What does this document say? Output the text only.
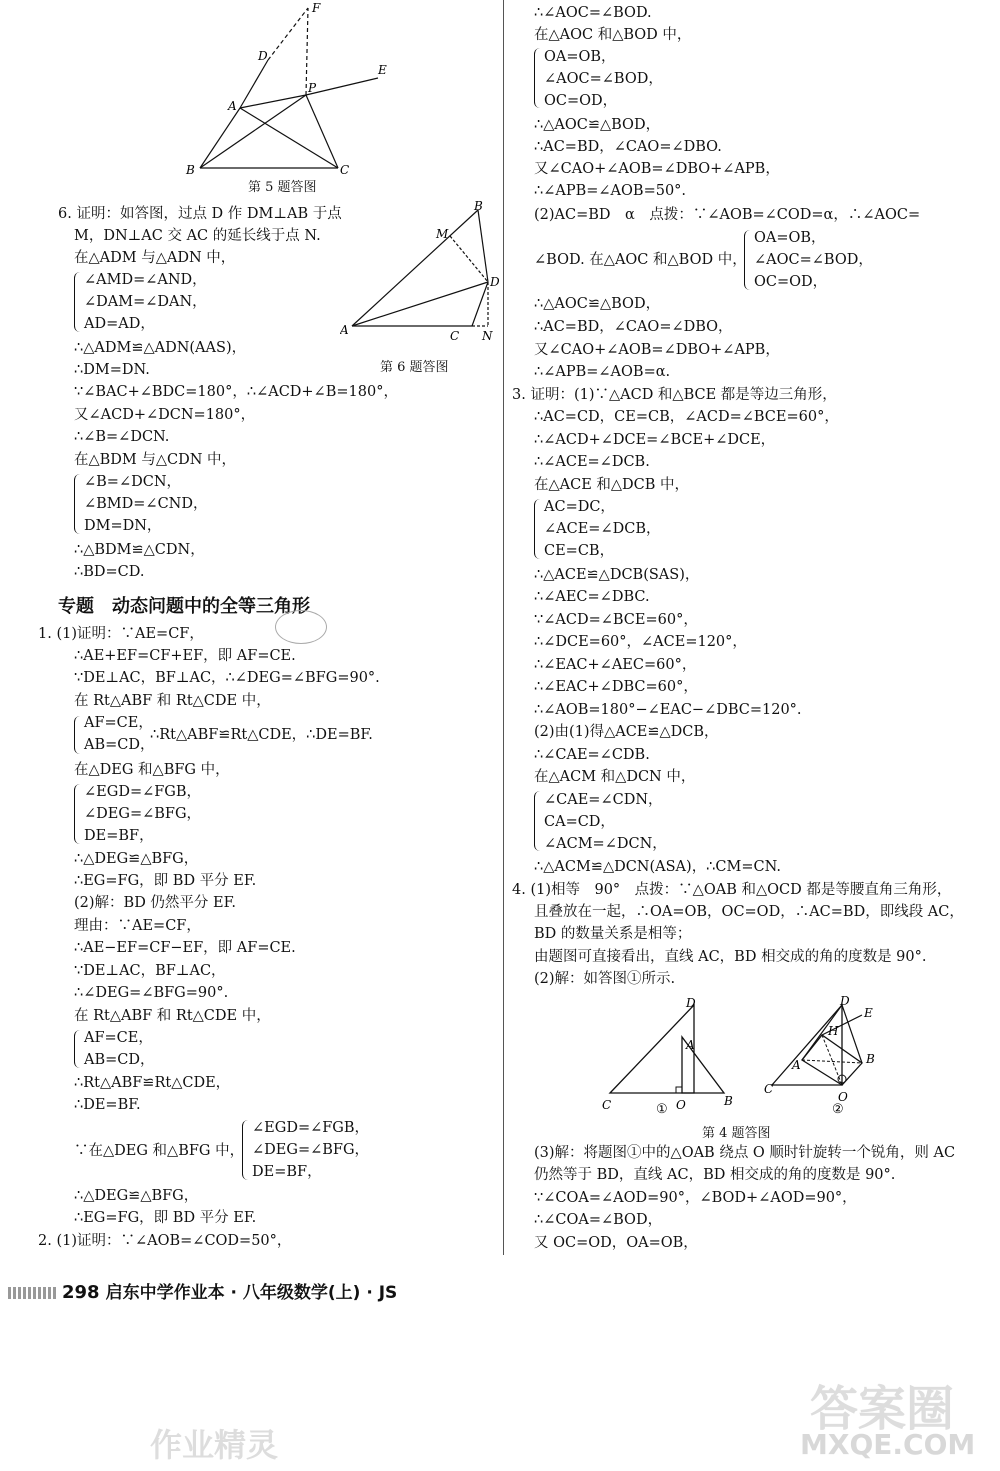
F
D
E
A
P
B	C
第 5 题答图
6. 证明：如答图，过点 D 作 DM⊥AB 于点
M，DN⊥AC 交 AC 的延长线于点 N.
在△ADM 与△ADN 中，
∠AMD=∠AND，
∠DAM=∠DAN，
AD=AD，
∴△ADM≌△ADN(AAS)，
∴DM=DN.
∵∠BAC+∠BDC=180°，∴∠ACD+∠B=180°，
又∠ACD+∠DCN=180°，
∴∠B=∠DCN.
在△BDM 与△CDN 中，
∠B=∠DCN，
∠BMD=∠CND，
DM=DN，
∴△BDM≌△CDN，
∴BD=CD.
B
M
D
A	C N
第 6 题答图
专题　动态问题中的全等三角形
1. (1)证明：∵AE=CF，
∴AE+EF=CF+EF，即 AF=CE.
∵DE⊥AC，BF⊥AC，∴∠DEG=∠BFG=90°.
在 Rt△ABF 和 Rt△CDE 中，
AF=CE，
AB=CD，
∴Rt△ABF≌Rt△CDE，∴DE=BF.
在△DEG 和△BFG 中，
∠EGD=∠FGB，
∠DEG=∠BFG，
DE=BF，
∴△DEG≌△BFG，
∴EG=FG，即 BD 平分 EF.
(2)解：BD 仍然平分 EF.
理由：∵AE=CF，
∴AE−EF=CF−EF，即 AF=CE.
∵DE⊥AC，BF⊥AC，
∴∠DEG=∠BFG=90°.
在 Rt△ABF 和 Rt△CDE 中，
AF=CE，
AB=CD，
∴Rt△ABF≌Rt△CDE，
∴DE=BF.
∵在△DEG 和△BFG 中，
∠EGD=∠FGB，
∠DEG=∠BFG，
DE=BF，
∴△DEG≌△BFG，
∴EG=FG，即 BD 平分 EF.
2. (1)证明：∵∠AOB=∠COD=50°，
∴∠AOC=∠BOD.
在△AOC 和△BOD 中，
OA=OB，
∠AOC=∠BOD，
OC=OD，
∴△AOC≌△BOD，
∴AC=BD，∠CAO=∠DBO.
又∠CAO+∠AOB=∠DBO+∠APB，
∴∠APB=∠AOB=50°.
(2)AC=BD　α　点拨：∵∠AOB=∠COD=α，∴∠AOC=
∠BOD. 在△AOC 和△BOD 中，
OA=OB，
∠AOC=∠BOD，
OC=OD，
∴△AOC≌△BOD，
∴AC=BD，∠CAO=∠DBO，
又∠CAO+∠AOB=∠DBO+∠APB，
∴∠APB=∠AOB=α.
3. 证明：(1)∵△ACD 和△BCE 都是等边三角形，
∴AC=CD，CE=CB，∠ACD=∠BCE=60°，
∴∠ACD+∠DCE=∠BCE+∠DCE，
∴∠ACE=∠DCB.
在△ACE 和△DCB 中，
AC=DC，
∠ACE=∠DCB，
CE=CB，
∴△ACE≌△DCB(SAS)，
∴∠AEC=∠DBC.
∵∠ACD=∠BCE=60°，
∴∠DCE=60°，∠ACE=120°，
∴∠EAC+∠AEC=60°，
∴∠EAC+∠DBC=60°，
∴∠AOB=180°−∠EAC−∠DBC=120°.
(2)由(1)得△ACE≌△DCB，
∴∠CAE=∠CDB.
在△ACM 和△DCN 中，
∠CAE=∠CDN，
CA=CD，
∠ACM=∠DCN，
∴△ACM≌△DCN(ASA)，∴CM=CN.
4. (1)相等　90°　点拨：∵△OAB 和△OCD 都是等腰直角三角形，
且叠放在一起，∴OA=OB，OC=OD，∴AC=BD，即线段 AC，
BD 的数量关系是相等；
由题图可直接看出，直线 AC，BD 相交成的角的度数是 90°.
(2)解：如答图①所示.
D
A
C	O	B
①
D
E
H
A	B
C
O
②
第 4 题答图
(3)解：将题图①中的△OAB 绕点 O 顺时针旋转一个锐角，则 AC
仍然等于 BD，直线 AC，BD 相交成的角的度数是 90°.
∵∠COA=∠AOD=90°，∠BOD+∠AOD=90°，
∴∠COA=∠BOD，
又 OC=OD，OA=OB，
298 启东中学作业本 · 八年级数学(上) · JS
作业精灵
答案圈
MXQE.COM
